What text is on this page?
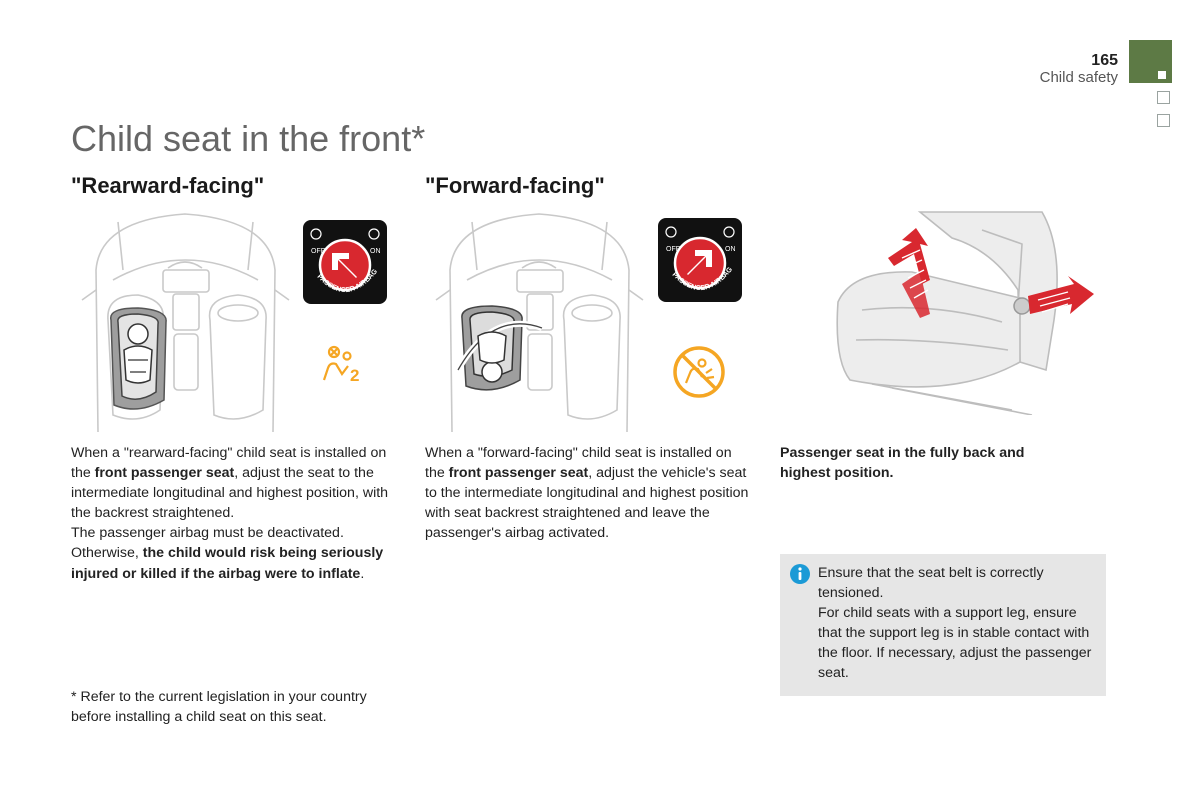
165
Child safety
Child seat in the front*
"Rearward-facing"
OFF	ON
PASSENGER AIRBAG
2
When a "rearward-facing" child seat is installed on the front passenger seat, adjust the seat to the intermediate longitudinal and highest position, with the backrest straightened.
The passenger airbag must be deactivated.
Otherwise, the child would risk being seriously injured or killed if the airbag were to inflate.
* Refer to the current legislation in your country before installing a child seat on this seat.
"Forward-facing"
OFF	ON
PASSENGER AIRBAG
When a "forward-facing" child seat is installed on the front passenger seat, adjust the vehicle's seat to the intermediate longitudinal and highest position with seat backrest straightened and leave the passenger's airbag activated.
Passenger seat in the fully back and highest position.
Ensure that the seat belt is correctly tensioned.
For child seats with a support leg, ensure that the support leg is in stable contact with the floor. If necessary, adjust the passenger seat.
